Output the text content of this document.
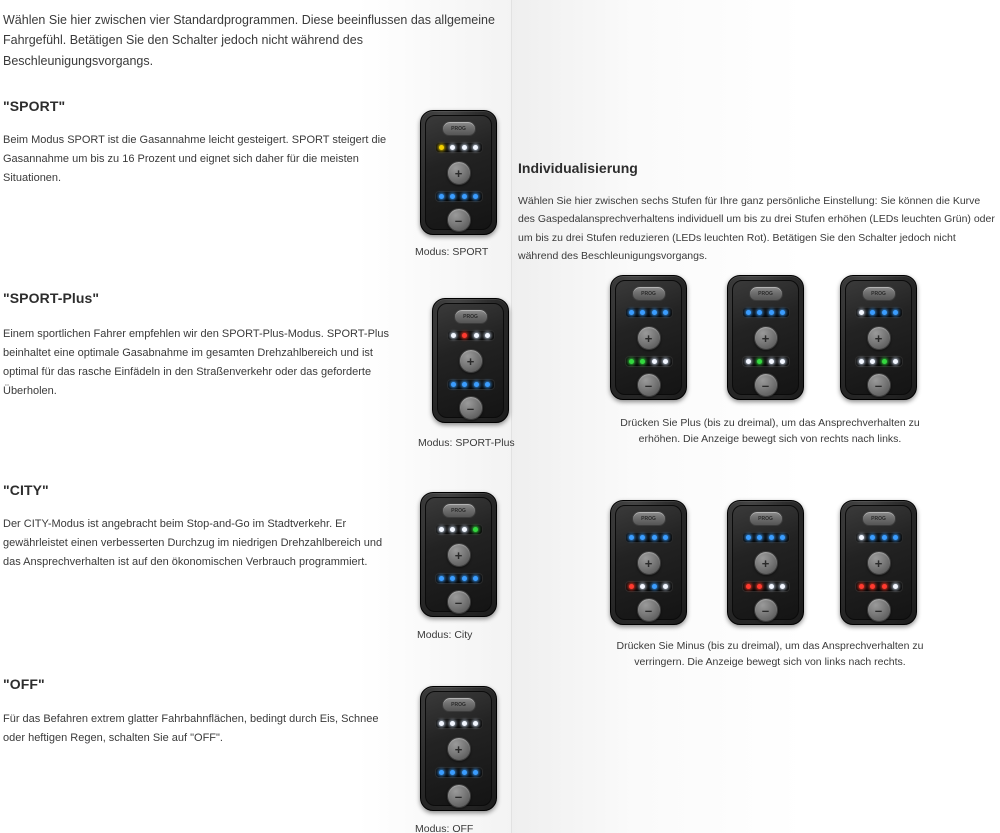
Wählen Sie hier zwischen vier Standardprogrammen. Diese beeinflussen das allgemeine Fahrgefühl. Betätigen Sie den Schalter jedoch nicht während des Beschleunigungsvorgangs.
"SPORT"
Beim Modus SPORT ist die Gasannahme leicht gesteigert. SPORT steigert die Gasannahme um bis zu 16 Prozent und eignet sich daher für die meisten Situationen.
"SPORT-Plus"
Einem sportlichen Fahrer empfehlen wir den SPORT-Plus-Modus. SPORT-Plus beinhaltet eine optimale Gasabnahme im gesamten Drehzahlbereich und ist optimal für das rasche Einfädeln in den Straßenverkehr oder das geforderte Überholen.
"CITY"
Der CITY-Modus ist angebracht beim Stop-and-Go im Stadtverkehr. Er gewährleistet einen verbesserten Durchzug im niedrigen Drehzahlbereich und das Ansprechverhalten ist auf den ökonomischen Verbrauch programmiert.
"OFF"
Für das Befahren extrem glatter Fahrbahnflächen, bedingt durch Eis, Schnee oder heftigen Regen, schalten Sie auf "OFF".
PROG
+
–
Modus: SPORT
PROG
+
–
Modus: SPORT-Plus
PROG
+
–
Modus: City
PROG
+
–
Modus: OFF
Individualisierung
Wählen Sie hier zwischen sechs Stufen für Ihre ganz persönliche Einstellung: Sie können die Kurve des Gaspedalansprechverhaltens individuell um bis zu drei Stufen erhöhen (LEDs leuchten Grün) oder um bis zu drei Stufen reduzieren (LEDs leuchten Rot). Betätigen Sie den Schalter jedoch nicht während des Beschleunigungsvorgangs.
PROG
+
–
PROG
+
–
PROG
+
–
Drücken Sie Plus (bis zu dreimal), um das Ansprechverhalten zu erhöhen. Die Anzeige bewegt sich von rechts nach links.
PROG
+
–
PROG
+
–
PROG
+
–
Drücken Sie Minus (bis zu dreimal), um das Ansprechverhalten zu verringern. Die Anzeige bewegt sich von links nach rechts.
